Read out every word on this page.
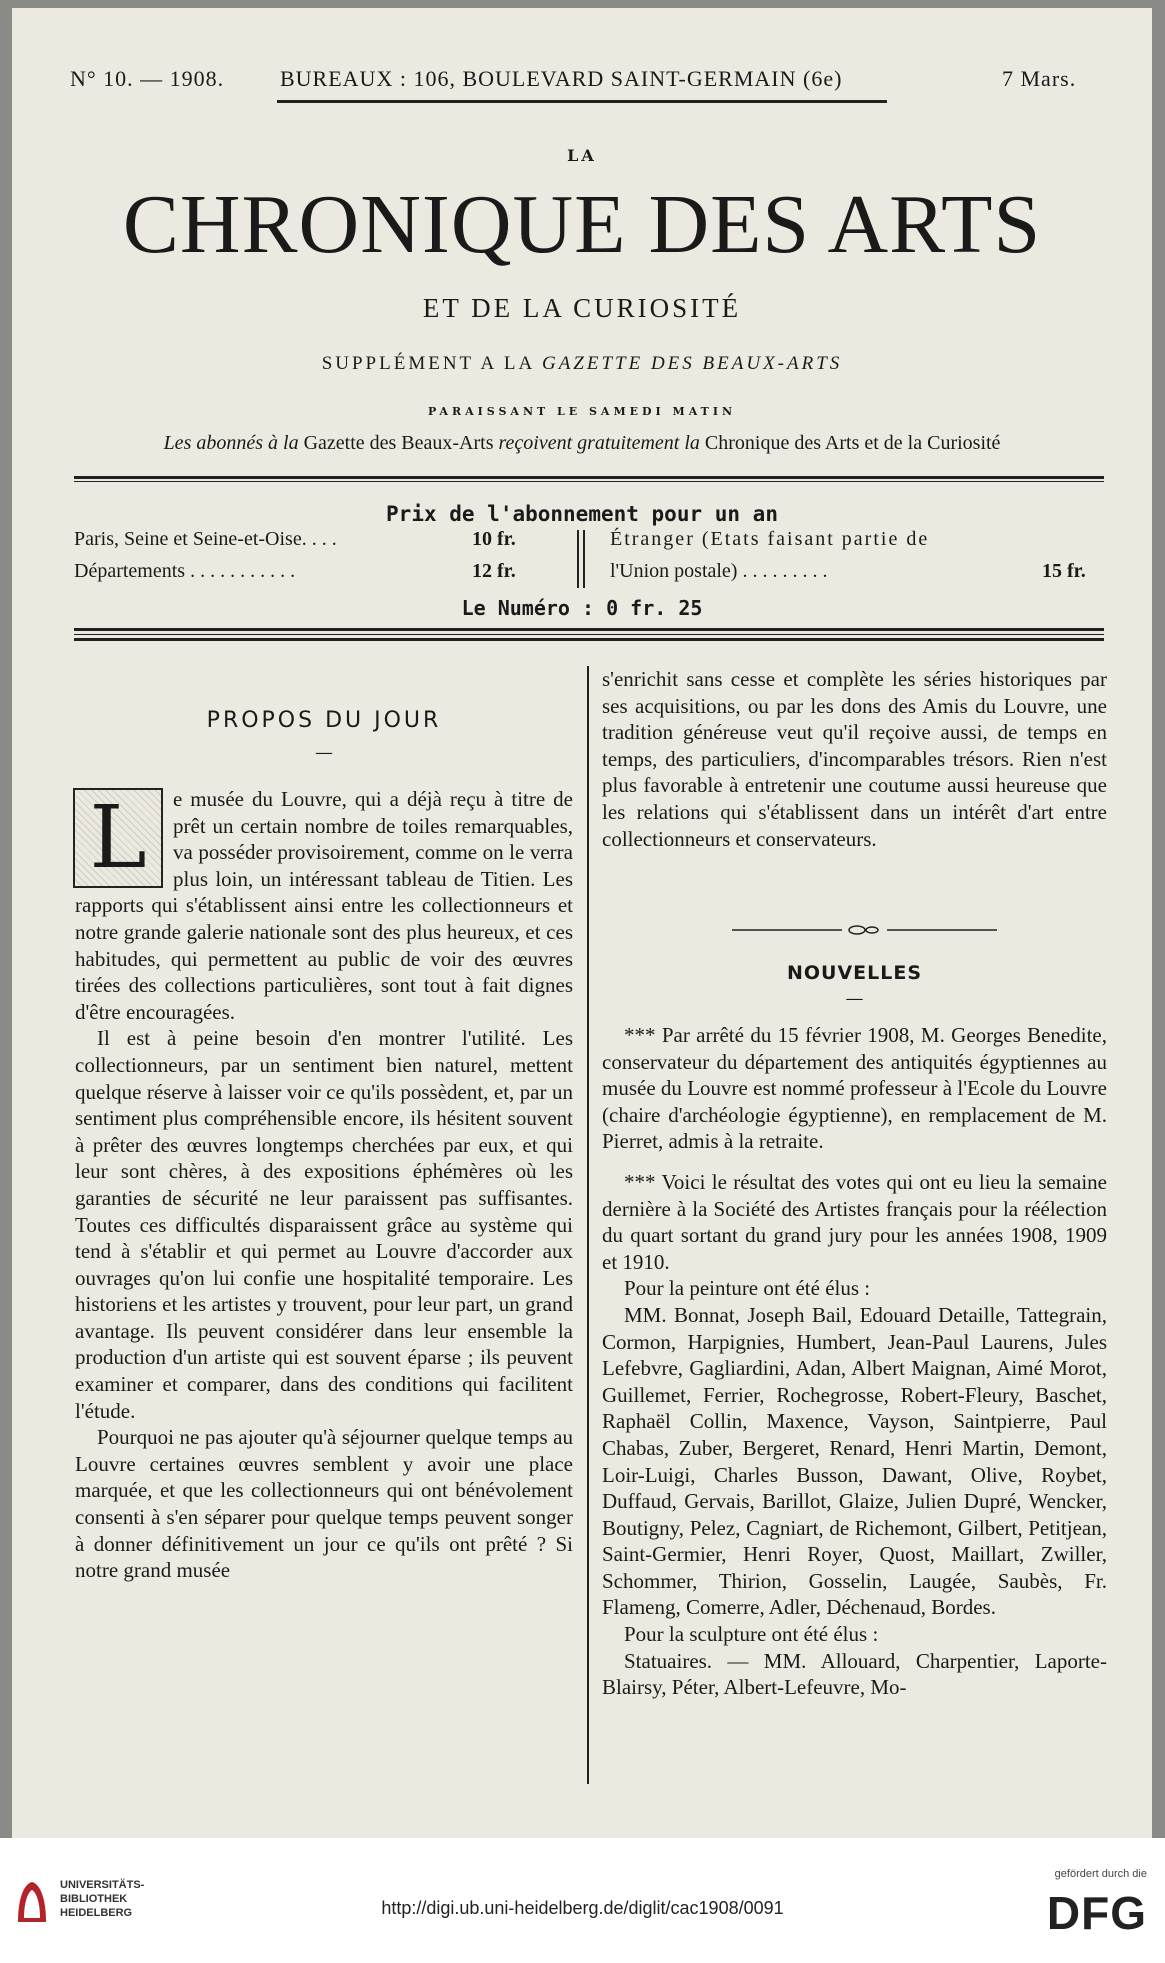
N° 10. — 1908.	BUREAUX : 106, BOULEVARD SAINT-GERMAIN (6e)	7 Mars.
LA
CHRONIQUE DES ARTS
ET DE LA CURIOSITÉ
SUPPLÉMENT A LA GAZETTE DES BEAUX-ARTS
PARAISSANT LE SAMEDI MATIN
Les abonnés à la Gazette des Beaux-Arts reçoivent gratuitement la Chronique des Arts et de la Curiosité
Prix de l'abonnement pour un an
Paris, Seine et Seine-et-Oise. . . .	10 fr.
Départements . . . . . . . . . . .	12 fr.
Étranger (Etats faisant partie de
l'Union postale) . . . . . . . . .	15 fr.
Le Numéro : 0 fr. 25
PROPOS DU JOUR
—

L	e musée du Louvre, qui a déjà reçu à titre de prêt un certain nombre de toiles remarquables, va posséder provisoirement, comme on le verra plus loin, un intéressant tableau de Titien. Les rapports qui s'établissent ainsi entre les collectionneurs et notre grande galerie nationale sont des plus heureux, et ces habitudes, qui permettent au public de voir des œuvres tirées des collections particulières, sont tout à fait dignes d'être encouragées.

Il est à peine besoin d'en montrer l'utilité. Les collectionneurs, par un sentiment bien naturel, mettent quelque réserve à laisser voir ce qu'ils possèdent, et, par un sentiment plus compréhensible encore, ils hésitent souvent à prêter des œuvres longtemps cherchées par eux, et qui leur sont chères, à des expositions éphémères où les garanties de sécurité ne leur paraissent pas suffisantes. Toutes ces difficultés disparaissent grâce au système qui tend à s'établir et qui permet au Louvre d'accorder aux ouvrages qu'on lui confie une hospitalité temporaire. Les historiens et les artistes y trouvent, pour leur part, un grand avantage. Ils peuvent considérer dans leur ensemble la production d'un artiste qui est souvent éparse ; ils peuvent examiner et comparer, dans des conditions qui facilitent l'étude.

Pourquoi ne pas ajouter qu'à séjourner quelque temps au Louvre certaines œuvres semblent y avoir une place marquée, et que les collectionneurs qui ont bénévolement consenti à s'en séparer pour quelque temps peuvent songer à donner définitivement un jour ce qu'ils ont prêté ? Si notre grand musée

s'enrichit sans cesse et complète les séries historiques par ses acquisitions, ou par les dons des Amis du Louvre, une tradition généreuse veut qu'il reçoive aussi, de temps en temps, des particuliers, d'incomparables trésors. Rien n'est plus favorable à entretenir une coutume aussi heureuse que les relations qui s'établissent dans un intérêt d'art entre collectionneurs et conservateurs.

NOUVELLES
—

*** Par arrêté du 15 février 1908, M. Georges Benedite, conservateur du département des antiquités égyptiennes au musée du Louvre est nommé professeur à l'Ecole du Louvre (chaire d'archéologie égyptienne), en remplacement de M. Pierret, admis à la retraite.

*** Voici le résultat des votes qui ont eu lieu la semaine dernière à la Société des Artistes français pour la réélection du quart sortant du grand jury pour les années 1908, 1909 et 1910.

Pour la peinture ont été élus :

MM. Bonnat, Joseph Bail, Edouard Detaille, Tattegrain, Cormon, Harpignies, Humbert, Jean-Paul Laurens, Jules Lefebvre, Gagliardini, Adan, Albert Maignan, Aimé Morot, Guillemet, Ferrier, Rochegrosse, Robert-Fleury, Baschet, Raphaël Collin, Maxence, Vayson, Saintpierre, Paul Chabas, Zuber, Bergeret, Renard, Henri Martin, Demont, Loir-Luigi, Charles Busson, Dawant, Olive, Roybet, Duffaud, Gervais, Barillot, Glaize, Julien Dupré, Wencker, Boutigny, Pelez, Cagniart, de Richemont, Gilbert, Petitjean, Saint-Germier, Henri Royer, Quost, Maillart, Zwiller, Schommer, Thirion, Gosselin, Laugée, Saubès, Fr. Flameng, Comerre, Adler, Déchenaud, Bordes.

Pour la sculpture ont été élus :

Statuaires. — MM. Allouard, Charpentier, Laporte-Blairsy, Péter, Albert-Lefeuvre, Mo-

UNIVERSITÄTS-
BIBLIOTHEK
HEIDELBERG	http://digi.ub.uni-heidelberg.de/diglit/cac1908/0091
gefördert durch die
DFG
